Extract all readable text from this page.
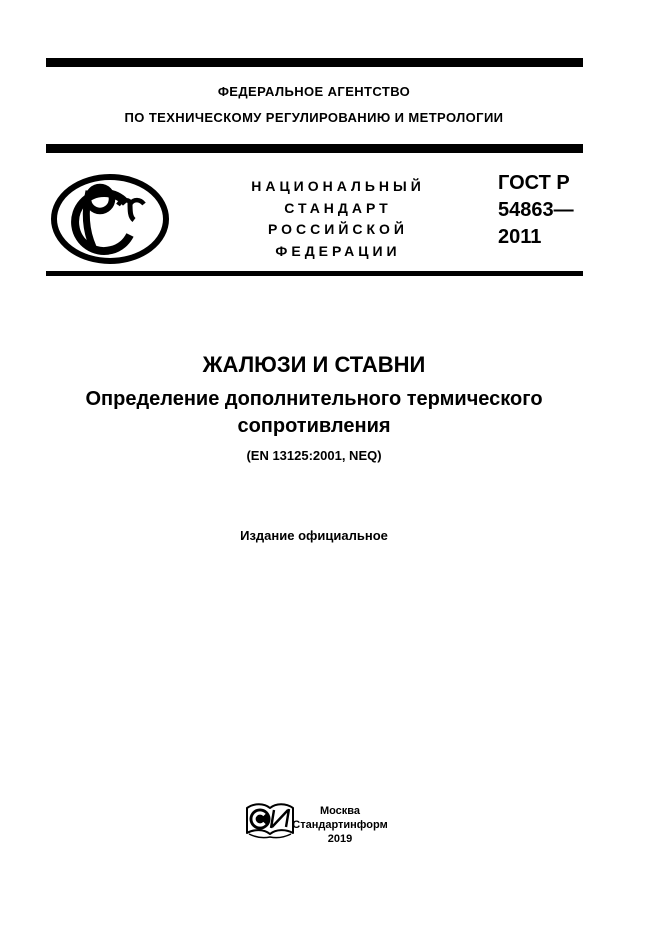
ФЕДЕРАЛЬНОЕ АГЕНТСТВО
ПО ТЕХНИЧЕСКОМУ РЕГУЛИРОВАНИЮ И МЕТРОЛОГИИ
НАЦИОНАЛЬНЫЙ
СТАНДАРТ
РОССИЙСКОЙ
ФЕДЕРАЦИИ
ГОСТ Р
54863—
2011
ЖАЛЮЗИ И СТАВНИ
Определение дополнительного термического
сопротивления
(EN 13125:2001, NEQ)
Издание официальное
Москва
Стандартинформ
2019
